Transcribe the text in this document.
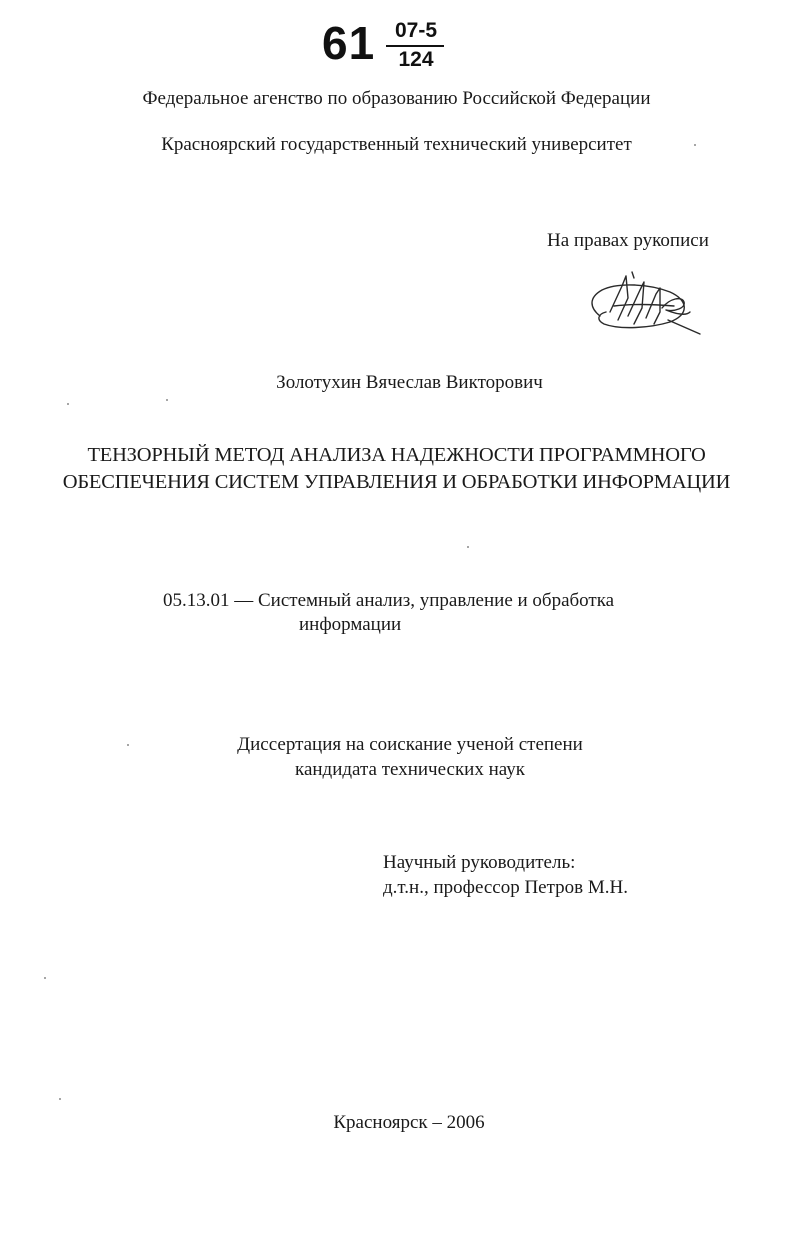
61 07-5
124
Федеральное агенство по образованию Российской Федерации
Красноярский государственный технический университет
На правах рукописи
Золотухин Вячеслав Викторович
ТЕНЗОРНЫЙ МЕТОД АНАЛИЗА НАДЕЖНОСТИ ПРОГРАММНОГО
ОБЕСПЕЧЕНИЯ СИСТЕМ УПРАВЛЕНИЯ И ОБРАБОТКИ ИНФОРМАЦИИ
05.13.01 — Системный анализ, управление и обработка
информации
Диссертация на соискание ученой степени
кандидата технических наук
Научный руководитель:
д.т.н., профессор Петров М.Н.
Красноярск – 2006
